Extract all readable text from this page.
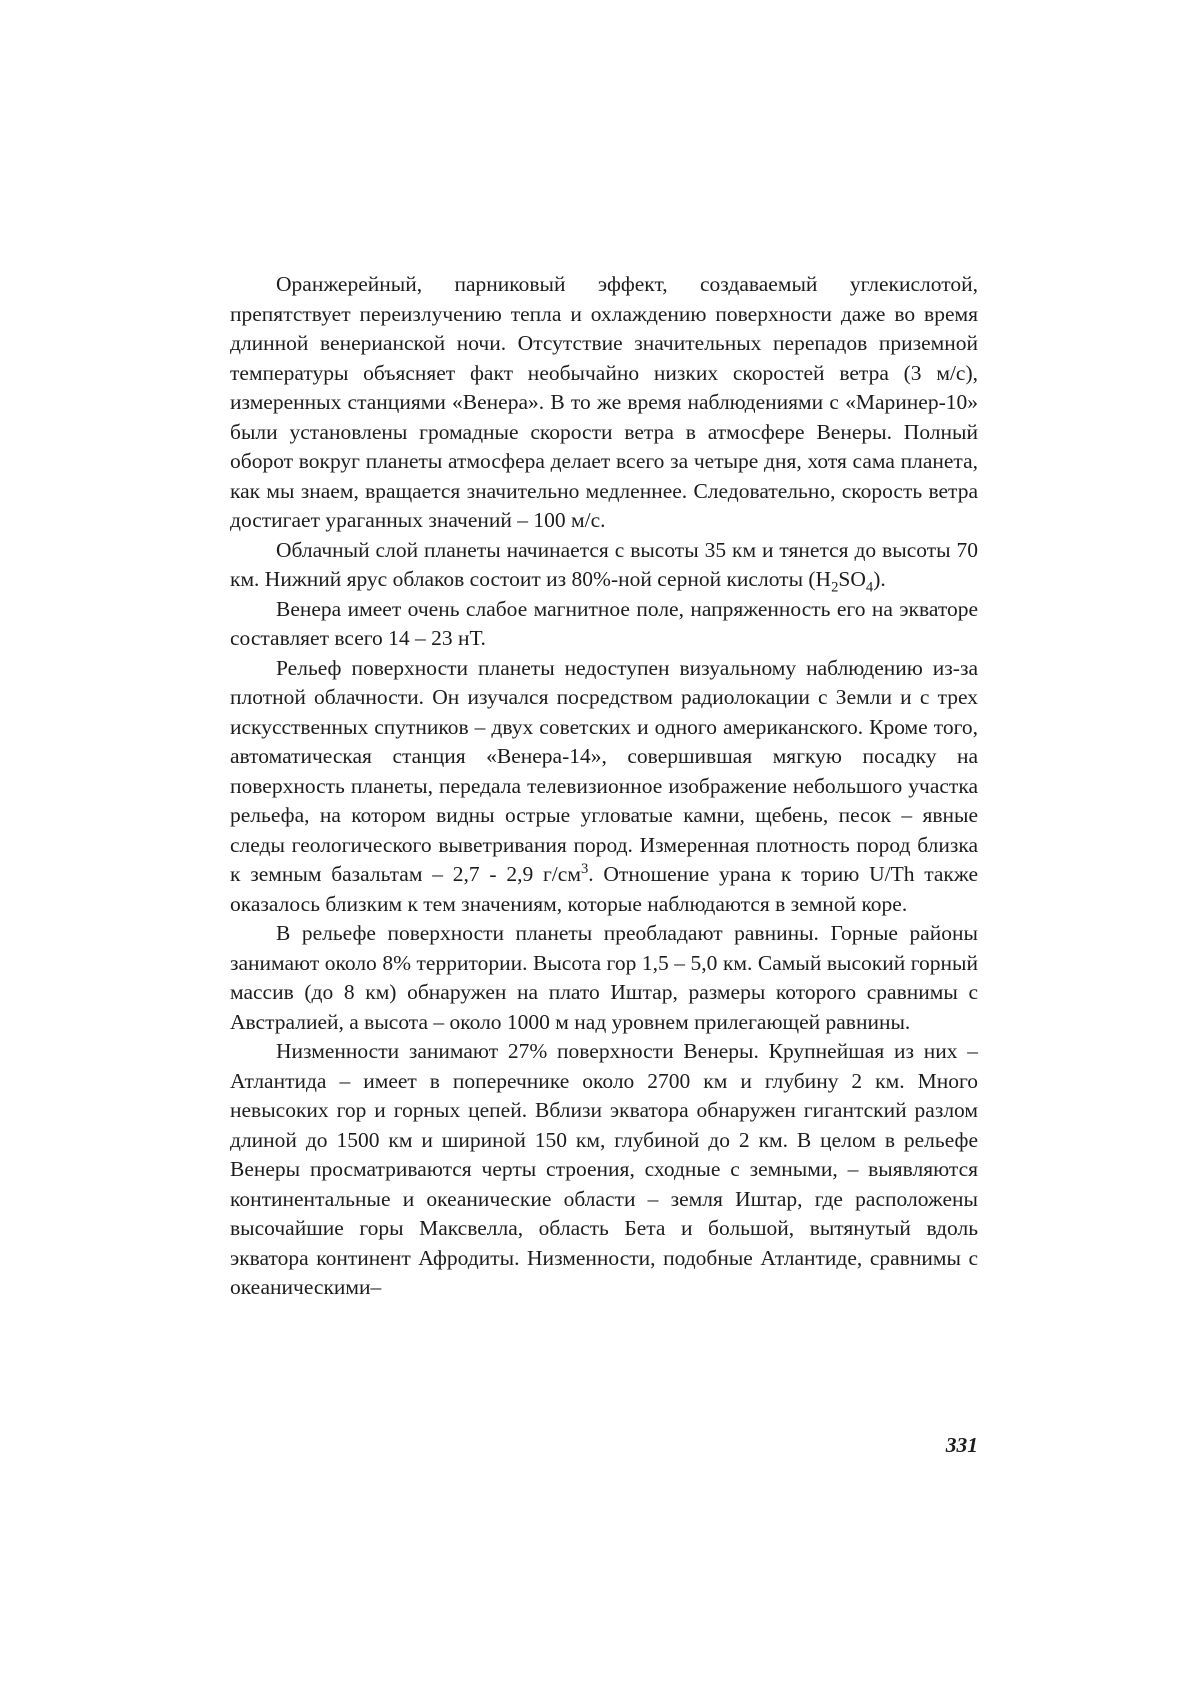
Оранжерейный, парниковый эффект, создаваемый углекислотой, препятствует переизлучению тепла и охлаждению поверхности даже во время длинной венерианской ночи. Отсутствие значительных перепадов приземной температуры объясняет факт необычайно низких скоростей ветра (3 м/с), измеренных станциями «Венера». В то же время наблюдениями с «Маринер-10» были установлены громадные скорости ветра в атмосфере Венеры. Полный оборот вокруг планеты атмосфера делает всего за четыре дня, хотя сама планета, как мы знаем, вращается значительно медленнее. Следовательно, скорость ветра достигает ураганных значений – 100 м/с.

Облачный слой планеты начинается с высоты 35 км и тянется до высоты 70 км. Нижний ярус облаков состоит из 80%-ной серной кислоты $(H_2SO_4)$.

Венера имеет очень слабое магнитное поле, напряженность его на экваторе составляет всего 14 – 23 нТ.

Рельеф поверхности планеты недоступен визуальному наблюдению из-за плотной облачности. Он изучался посредством радиолокации с Земли и с трех искусственных спутников – двух советских и одного американского. Кроме того, автоматическая станция «Венера-14», совершившая мягкую посадку на поверхность планеты, передала телевизионное изображение небольшого участка рельефа, на котором видны острые угловатые камни, щебень, песок – явные следы геологического выветривания пород. Измеренная плотность пород близка к земным базальтам – 2,7 - 2,9 $г/см^3$. Отношение урана к торию U/Th также оказалось близким к тем значениям, которые наблюдаются в земной коре.

В рельефе поверхности планеты преобладают равнины. Горные районы занимают около 8% территории. Высота гор 1,5 – 5,0 км. Самый высокий горный массив (до 8 км) обнаружен на плато Иштар, размеры которого сравнимы с Австралией, а высота – около 1000 м над уровнем прилегающей равнины.

Низменности занимают 27% поверхности Венеры. Крупнейшая из них – Атлантида – имеет в поперечнике около 2700 км и глубину 2 км. Много невысоких гор и горных цепей. Вблизи экватора обнаружен гигантский разлом длиной до 1500 км и шириной 150 км, глубиной до 2 км. В целом в рельефе Венеры просматриваются черты строения, сходные с земными, – выявляются континентальные и океанические области – земля Иштар, где расположены высочайшие горы Максвелла, область Бета и большой, вытянутый вдоль экватора континент Афродиты. Низменности, подобные Атлантиде, сравнимы с океаническими–

331
